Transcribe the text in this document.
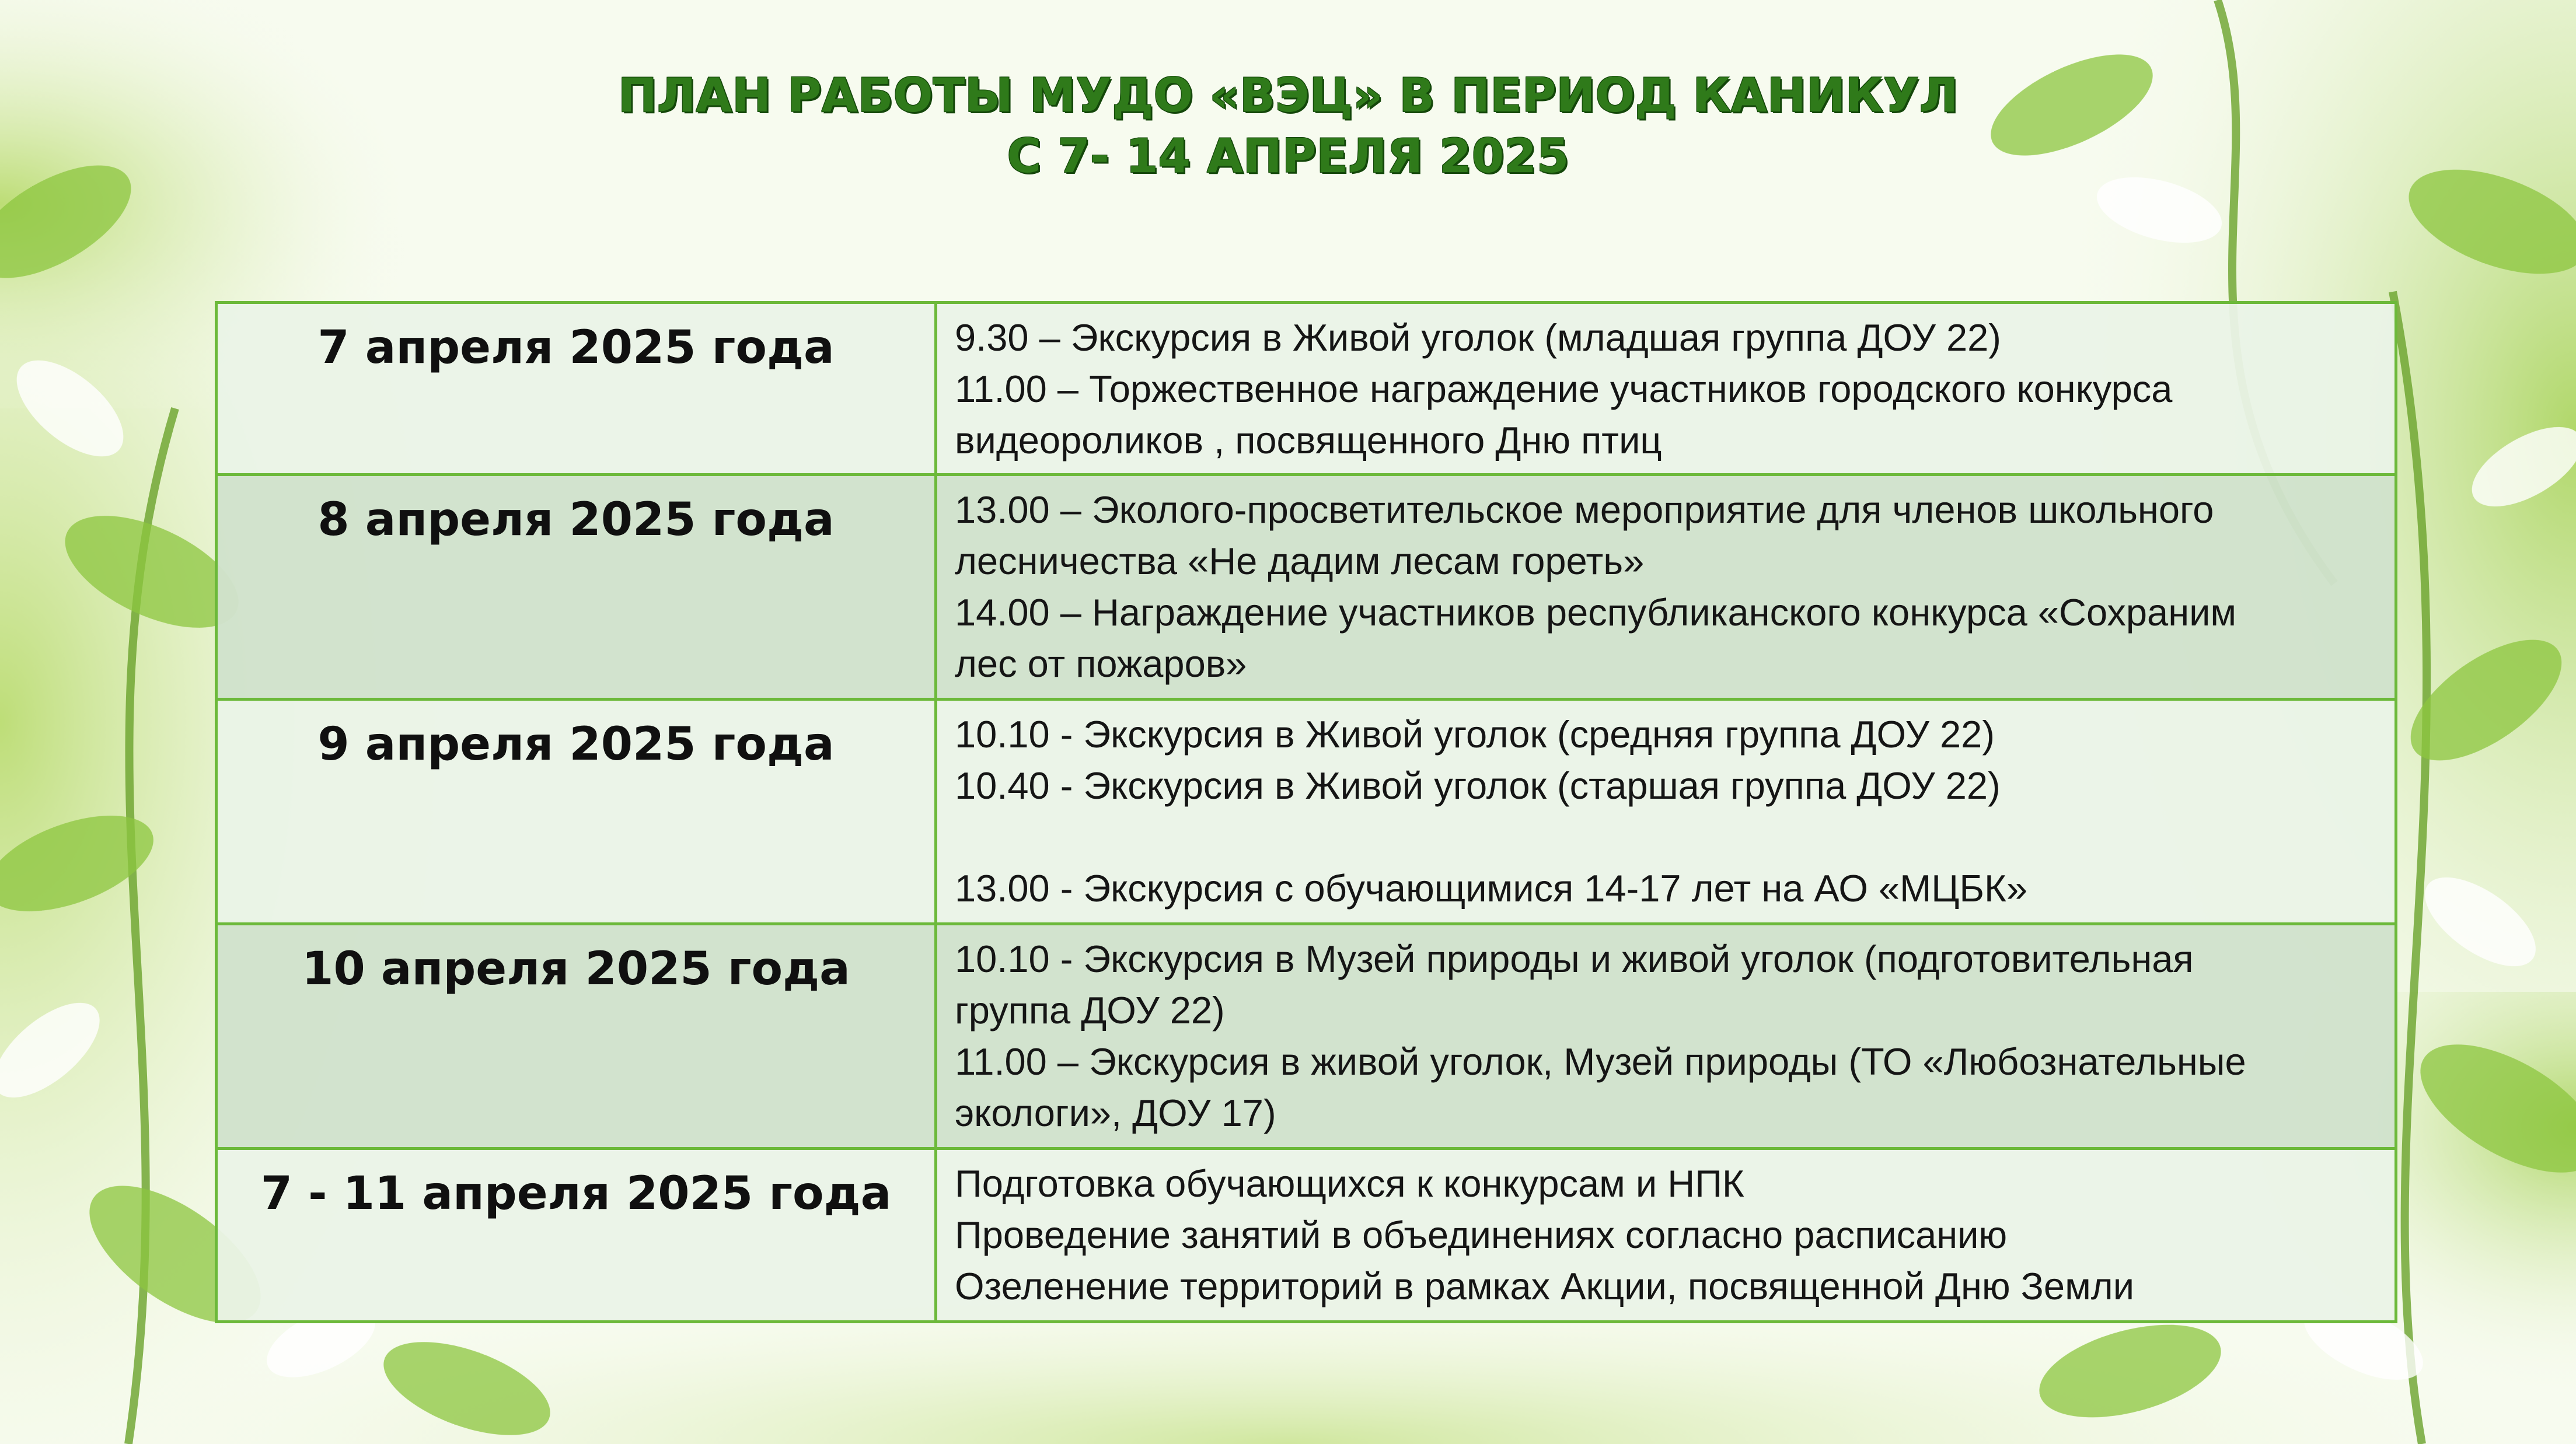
ПЛАН РАБОТЫ МУДО «ВЭЦ» В ПЕРИОД КАНИКУЛ
С 7- 14 АПРЕЛЯ 2025
7 апреля 2025 года	9.30 – Экскурсия в Живой уголок (младшая группа ДОУ 22)
11.00 – Торжественное награждение участников городского конкурса
видеороликов , посвященного Дню птиц

8 апреля 2025 года	13.00 – Эколого-просветительское мероприятие для членов школьного
лесничества «Не дадим лесам гореть»
14.00 – Награждение участников республиканского конкурса «Сохраним
лес от пожаров»

9 апреля 2025 года	10.10 - Экскурсия в Живой уголок (средняя группа ДОУ 22)
10.40 - Экскурсия в Живой уголок (старшая группа ДОУ 22)
13.00 - Экскурсия с обучающимися 14-17 лет на АО «МЦБК»

10 апреля 2025 года	10.10 - Экскурсия в Музей природы и живой уголок (подготовительная
группа ДОУ 22)
11.00 – Экскурсия в живой уголок, Музей природы (ТО «Любознательные
экологи», ДОУ 17)

7 - 11 апреля 2025 года	Подготовка обучающихся к конкурсам и НПК
Проведение занятий в объединениях согласно расписанию
Озеленение территорий в рамках Акции, посвященной Дню Земли
